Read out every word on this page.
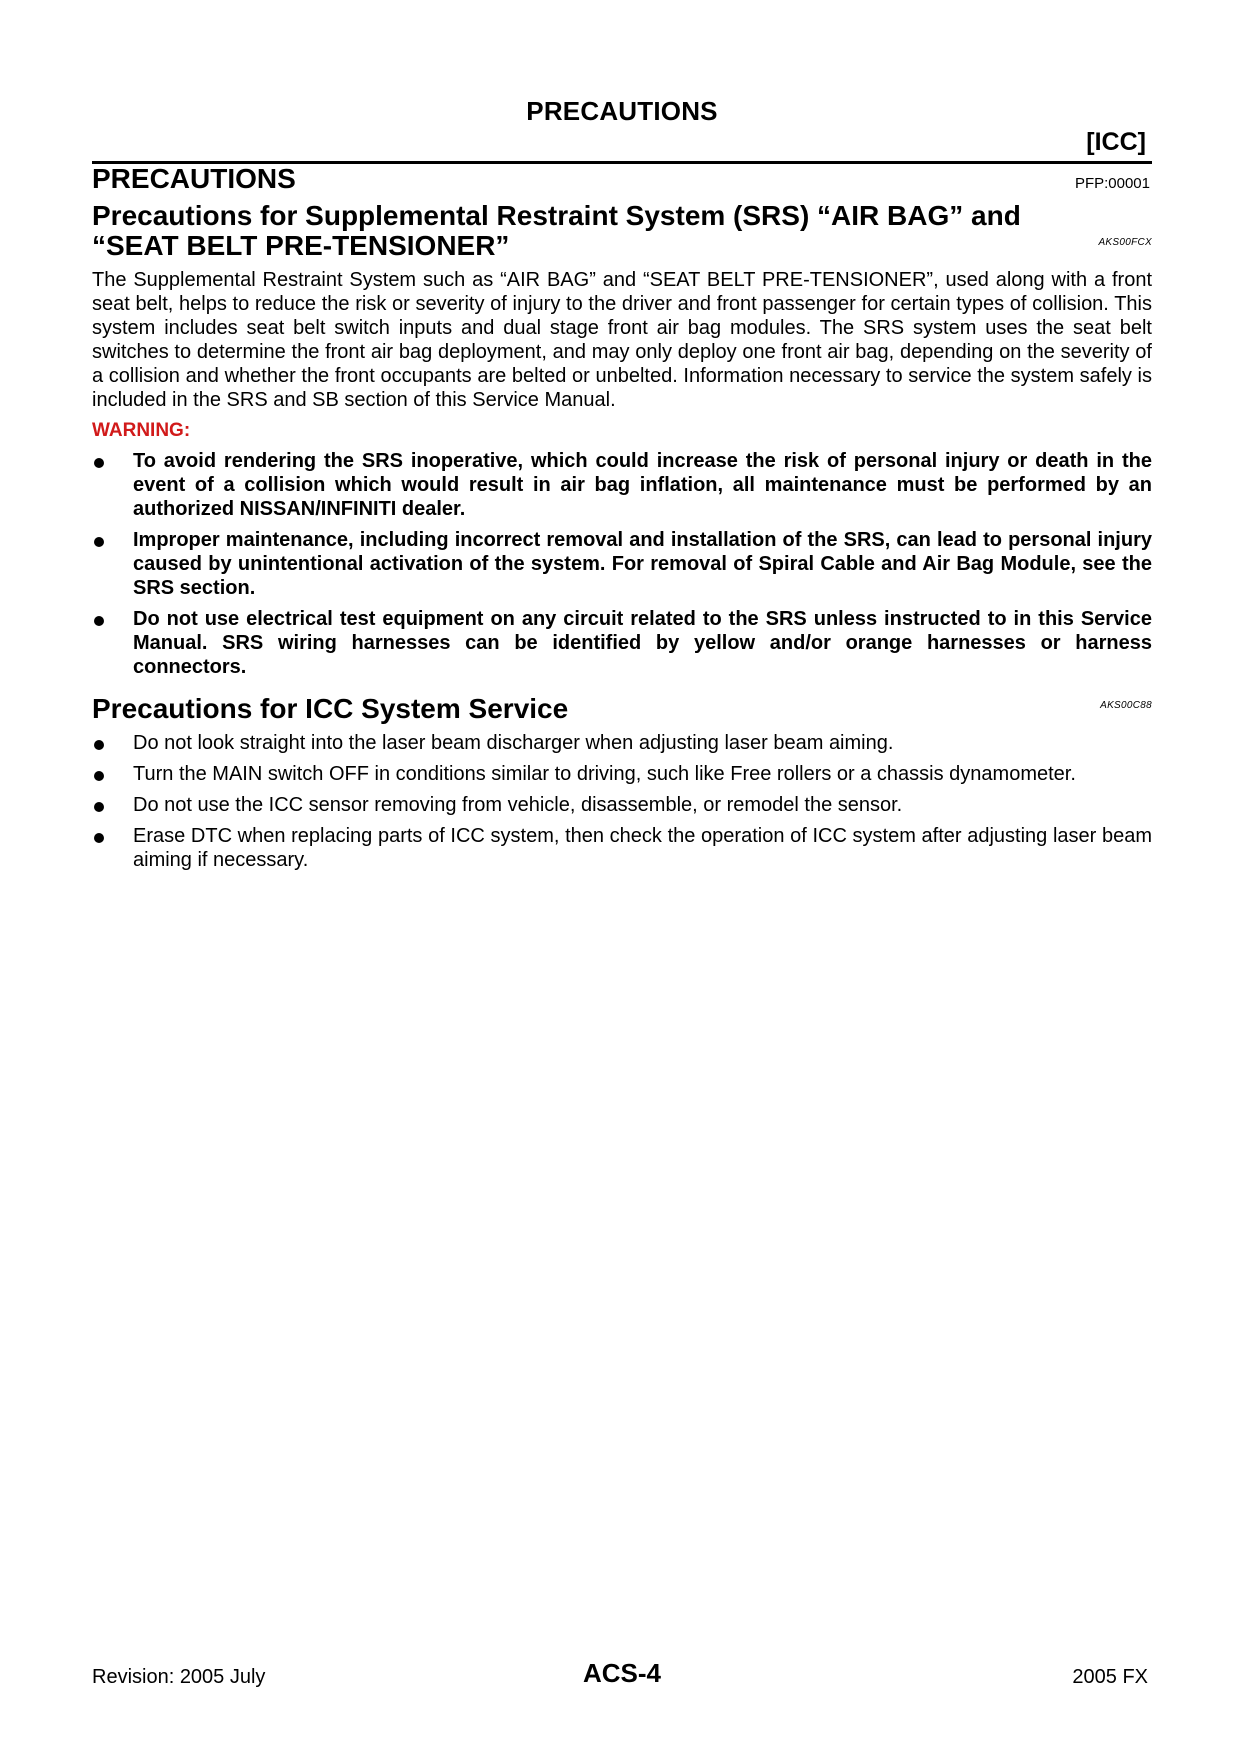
PRECAUTIONS
[ICC]
PRECAUTIONS	PFP:00001
Precautions for Supplemental Restraint System (SRS) “AIR BAG” and “SEAT BELT PRE-TENSIONER”	AKS00FCX
The Supplemental Restraint System such as “AIR BAG” and “SEAT BELT PRE-TENSIONER”, used along with a front seat belt, helps to reduce the risk or severity of injury to the driver and front passenger for certain types of collision. This system includes seat belt switch inputs and dual stage front air bag modules. The SRS system uses the seat belt switches to determine the front air bag deployment, and may only deploy one front air bag, depending on the severity of a collision and whether the front occupants are belted or unbelted. Information necessary to service the system safely is included in the SRS and SB section of this Service Manual.
WARNING:
To avoid rendering the SRS inoperative, which could increase the risk of personal injury or death in the event of a collision which would result in air bag inflation, all maintenance must be performed by an authorized NISSAN/INFINITI dealer.
Improper maintenance, including incorrect removal and installation of the SRS, can lead to personal injury caused by unintentional activation of the system. For removal of Spiral Cable and Air Bag Module, see the SRS section.
Do not use electrical test equipment on any circuit related to the SRS unless instructed to in this Service Manual. SRS wiring harnesses can be identified by yellow and/or orange harnesses or harness connectors.
Precautions for ICC System Service	AKS00C88
Do not look straight into the laser beam discharger when adjusting laser beam aiming.
Turn the MAIN switch OFF in conditions similar to driving, such like Free rollers or a chassis dynamometer.
Do not use the ICC sensor removing from vehicle, disassemble, or remodel the sensor.
Erase DTC when replacing parts of ICC system, then check the operation of ICC system after adjusting laser beam aiming if necessary.
Revision: 2005 July	ACS-4	2005 FX
